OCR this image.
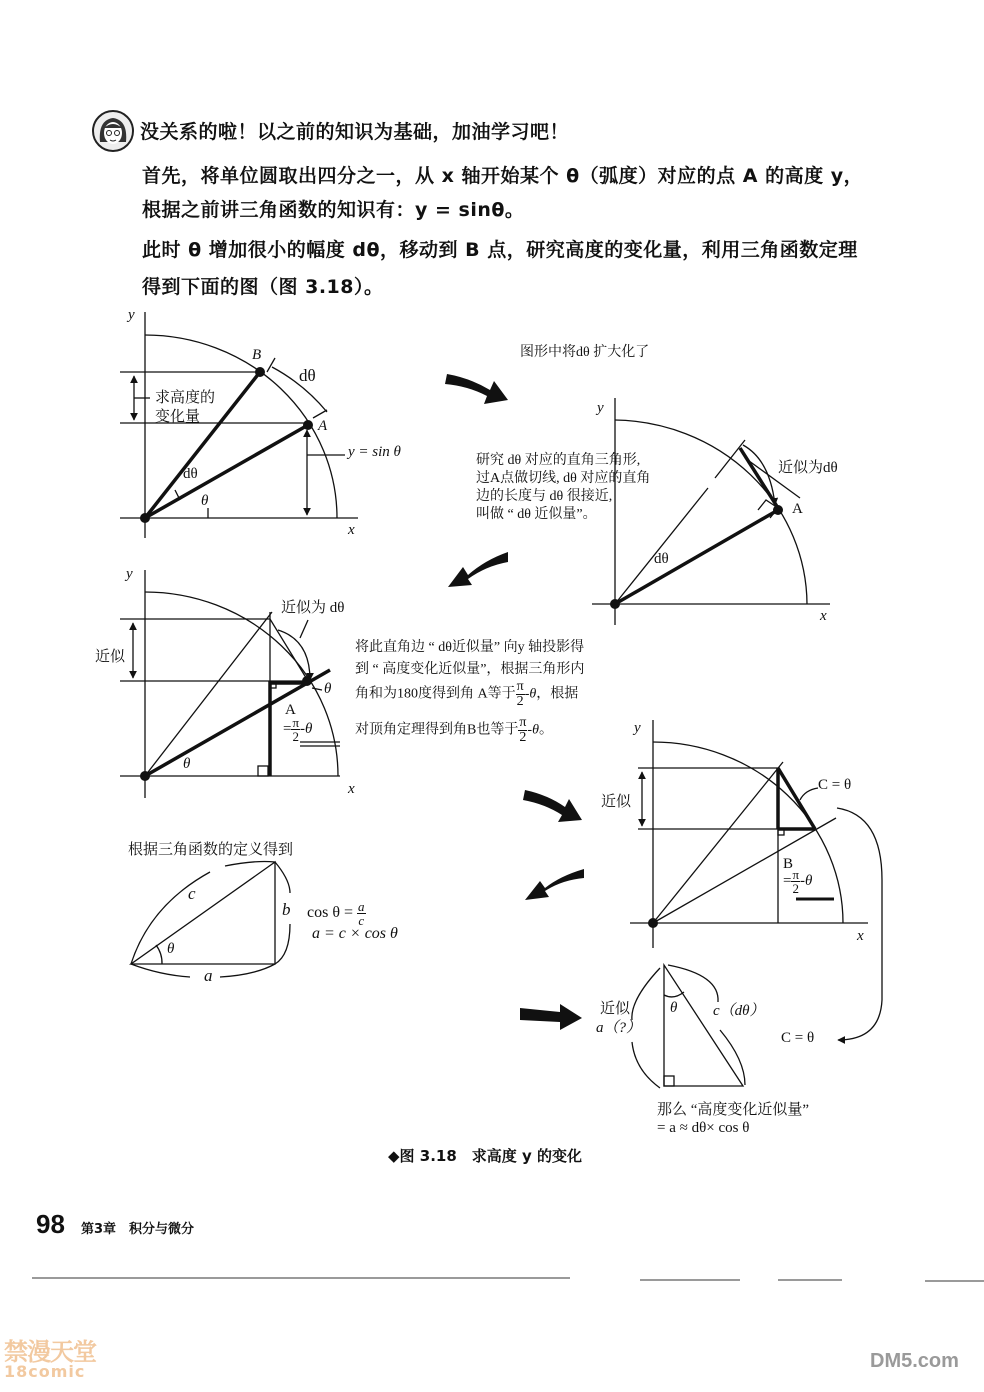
没关系的啦！以之前的知识为基础，加油学习吧！
首先，将单位圆取出四分之一，从 x 轴开始某个 θ（弧度）对应的点 A 的高度 y，
根据之前讲三角函数的知识有：y = sinθ。
此时 θ 增加很小的幅度 dθ，移动到 B 点，研究高度的变化量，利用三角函数定理
得到下面的图（图 3.18）。
y
x
B
A
dθ
求高度的
变化量
y = sin θ
dθ
θ
图形中将dθ 扩大化了
y
x
研究 dθ 对应的直角三角形,
过A点做切线, dθ 对应的直角
边的长度与 dθ 很接近,
叫做 “ dθ 近似量”。
近似为dθ
A
dθ
y
x
近似为 dθ
近似
θ
A
= $\frac{\pi}{2} -\theta$
θ
将此直角边 “ dθ近似量” 向y 轴投影得
到 “ 高度变化近似量”，根据三角形内
角和为180度得到角 A等于 $\frac{\pi}{2} -\theta$，根据
对顶角定理得到角B也等于 $\frac{\pi}{2} -\theta$。	y
x
近似
C = θ
B
= $\frac{\pi}{2} -\theta$
根据三角函数的定义得到
c
b
a
θ
$\cos \theta = \frac{a}{c}$
a = c × cos θ
近似
a（?）
θ c（dθ）
C = θ
那么 “高度变化近似量”
= a ≈ dθ× cos θ
◆图 3.18　求高度 y 的变化
98 第3章　积分与微分
禁漫天堂
18comic	DM5.com
